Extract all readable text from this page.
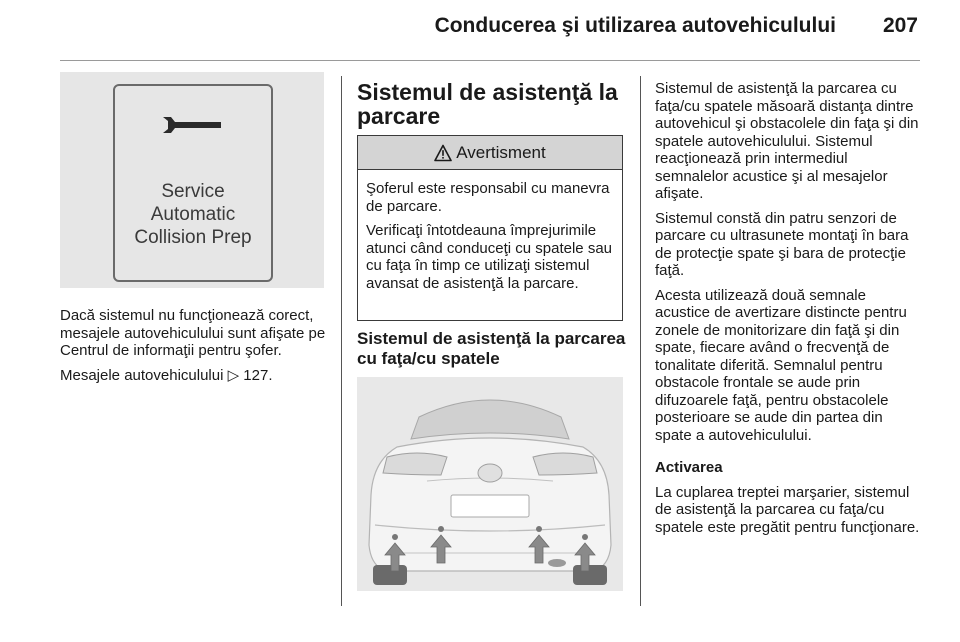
Conducerea şi utilizarea autovehiculului 207
Service
Automatic
Collision Prep

Dacă sistemul nu funcţionează corect, mesajele autovehiculului sunt afişate pe Centrul de informaţii pentru şofer.

Mesajele autovehiculului ▷ 127.

Sistemul de asistenţă la parcare
Avertisment

Şoferul este responsabil cu manevra de parcare.

Verificaţi întotdeauna împrejurimile atunci când conduceţi cu spatele sau cu faţa în timp ce utilizaţi sistemul avansat de asistenţă la parcare.

Sistemul de asistenţă la parcarea cu faţa/cu spatele

Sistemul de asistenţă la parcarea cu faţa/cu spatele măsoară distanţa dintre autovehicul şi obstacolele din faţa şi din spatele autovehiculului. Sistemul reacţionează prin intermediul semnalelor acustice şi al mesajelor afişate.

Sistemul constă din patru senzori de parcare cu ultrasunete montaţi în bara de protecţie spate şi bara de protecţie faţă.

Acesta utilizează două semnale acustice de avertizare distincte pentru zonele de monitorizare din faţă şi din spate, fiecare având o frecvenţă de tonalitate diferită. Semnalul pentru obstacole frontale se aude prin difuzoarele faţă, pentru obstacolele posterioare se aude din partea din spate a autovehiculului.

Activarea

La cuplarea treptei marşarier, sistemul de asistenţă la parcarea cu faţa/cu spatele este pregătit pentru funcţionare.
